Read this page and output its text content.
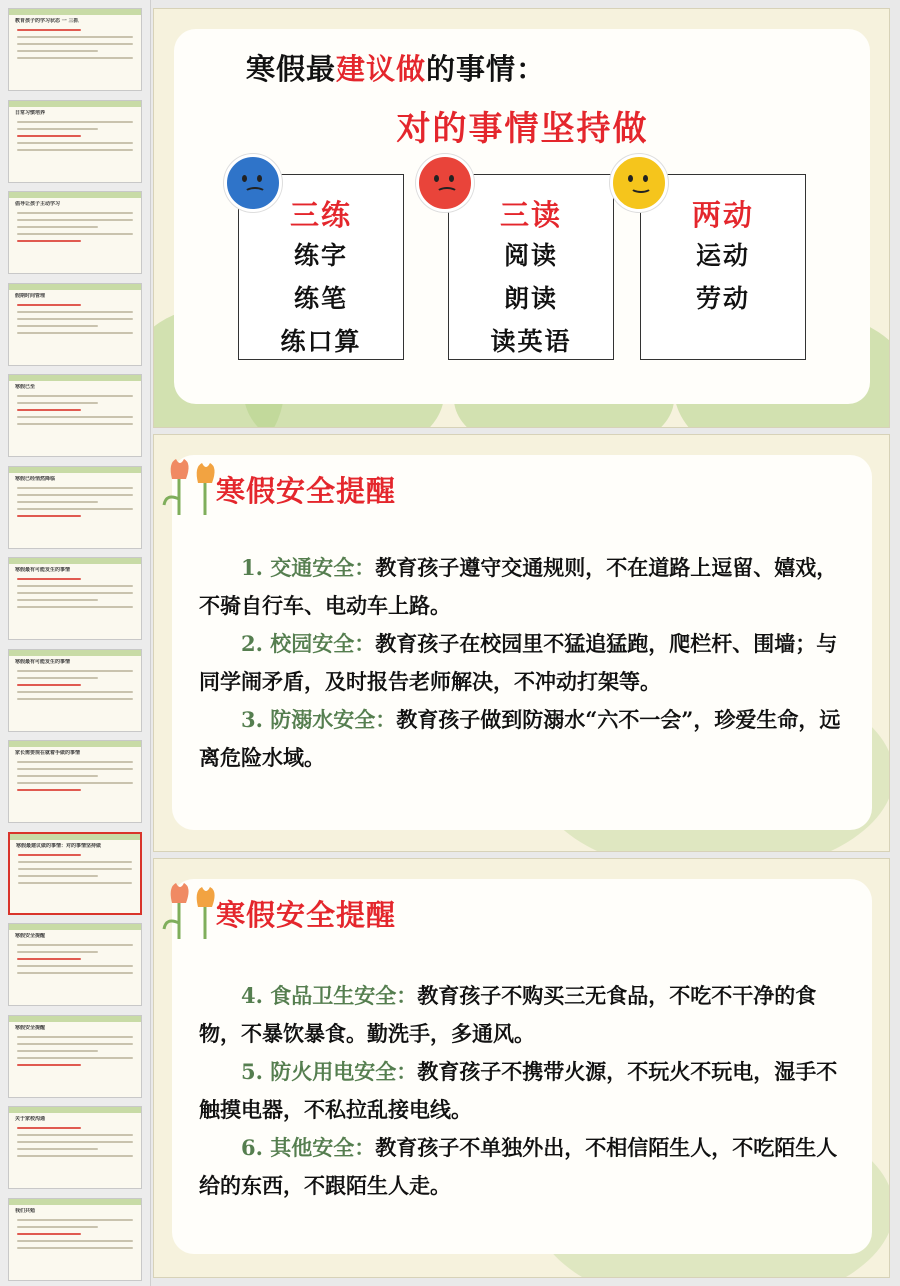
教育孩子的学习状态 一 三抓
日常习惯培养
倡导让孩子主动学习
假期时间管理
寒假已至
寒假已经悄然降临
寒假最有可能发生的事情
寒假最有可能发生的事情
家长需要规在就着手做的事情
寒假最建议做的事情：对的事情坚持做
寒假安全提醒
寒假安全提醒
关于家校沟通
我们共勉
寒假最建议做的事情：
对的事情坚持做
三练
练字
练笔
练口算
三读
阅读
朗读
读英语
两动
运动
劳动
寒假安全提醒

1. 交通安全：教育孩子遵守交通规则，不在道路上逗留、嬉戏，不骑自行车、电动车上路。

2. 校园安全：教育孩子在校园里不猛追猛跑，爬栏杆、围墙；与同学闹矛盾，及时报告老师解决，不冲动打架等。

3. 防溺水安全：教育孩子做到防溺水“六不一会”，珍爱生命，远离危险水域。

寒假安全提醒

4. 食品卫生安全：教育孩子不购买三无食品，不吃不干净的食物，不暴饮暴食。勤洗手，多通风。

5. 防火用电安全：教育孩子不携带火源，不玩火不玩电，湿手不触摸电器，不私拉乱接电线。

6. 其他安全：教育孩子不单独外出，不相信陌生人，不吃陌生人给的东西，不跟陌生人走。
